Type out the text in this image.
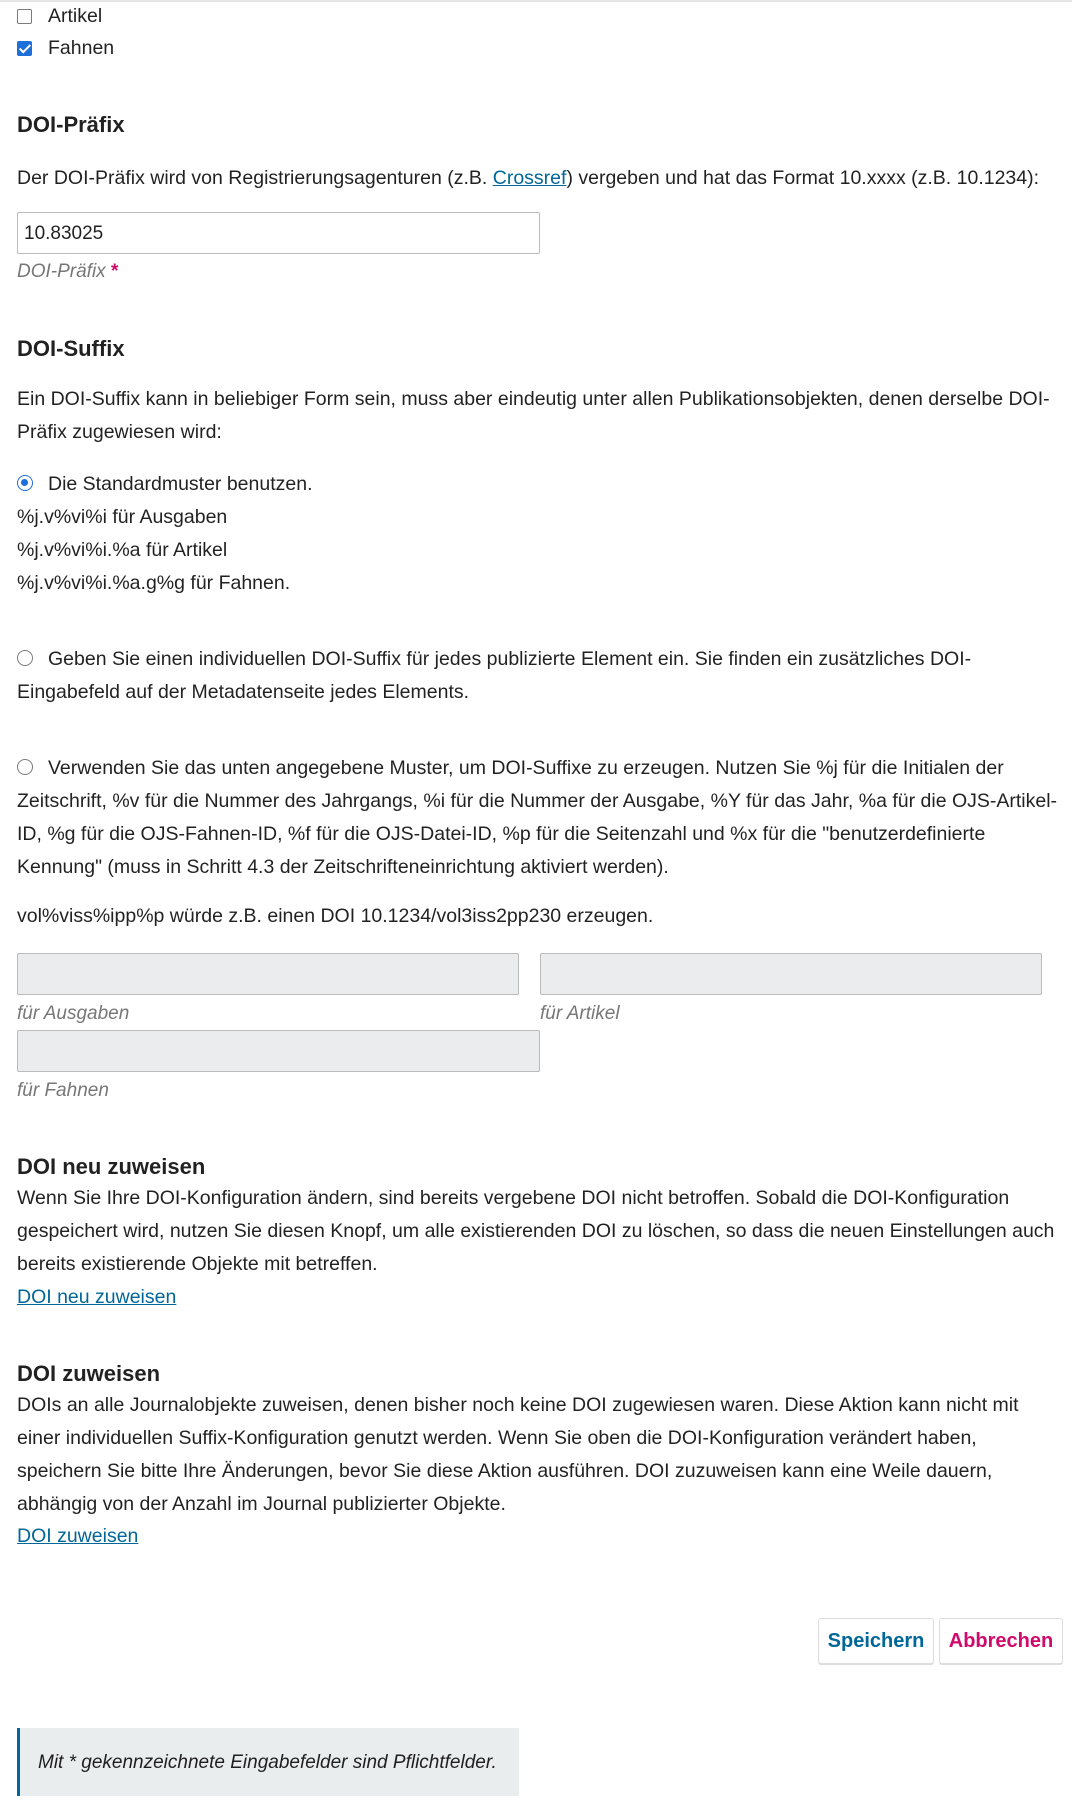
Artikel
Fahnen
DOI-Präfix

Der DOI-Präfix wird von Registrierungsagenturen (z.B. Crossref) vergeben und hat das Format 10.xxxx (z.B. 10.1234):

10.83025
DOI-Präfix *
DOI-Suffix

Ein DOI-Suffix kann in beliebiger Form sein, muss aber eindeutig unter allen Publikationsobjekten, denen derselbe DOI-Präfix zugewiesen wird:

Die Standardmuster benutzen.
%j.v%vi%i für Ausgaben
%j.v%vi%i.%a für Artikel
%j.v%vi%i.%a.g%g für Fahnen.
Geben Sie einen individuellen DOI-Suffix für jedes publizierte Element ein. Sie finden ein zusätzliches DOI-Eingabefeld auf der Metadatenseite jedes Elements.
Verwenden Sie das unten angegebene Muster, um DOI-Suffixe zu erzeugen. Nutzen Sie %j für die Initialen der Zeitschrift, %v für die Nummer des Jahrgangs, %i für die Nummer der Ausgabe, %Y für das Jahr, %a für die OJS-Artikel-ID, %g für die OJS-Fahnen-ID, %f für die OJS-Datei-ID, %p für die Seitenzahl und %x für die "benutzerdefinierte Kennung" (muss in Schritt 4.3 der Zeitschrifteneinrichtung aktiviert werden).

vol%viss%ipp%p würde z.B. einen DOI 10.1234/vol3iss2pp230 erzeugen.

für Ausgaben	für Artikel
für Fahnen
DOI neu zuweisen

Wenn Sie Ihre DOI-Konfiguration ändern, sind bereits vergebene DOI nicht betroffen. Sobald die DOI-Konfiguration gespeichert wird, nutzen Sie diesen Knopf, um alle existierenden DOI zu löschen, so dass die neuen Einstellungen auch bereits existierende Objekte mit betreffen.

DOI neu zuweisen
DOI zuweisen

DOIs an alle Journalobjekte zuweisen, denen bisher noch keine DOI zugewiesen waren. Diese Aktion kann nicht mit einer individuellen Suffix-Konfiguration genutzt werden. Wenn Sie oben die DOI-Konfiguration verändert haben, speichern Sie bitte Ihre Änderungen, bevor Sie diese Aktion ausführen. DOI zuzuweisen kann eine Weile dauern, abhängig von der Anzahl im Journal publizierter Objekte.

DOI zuweisen
Speichern	Abbrechen
Mit * gekennzeichnete Eingabefelder sind Pflichtfelder.
